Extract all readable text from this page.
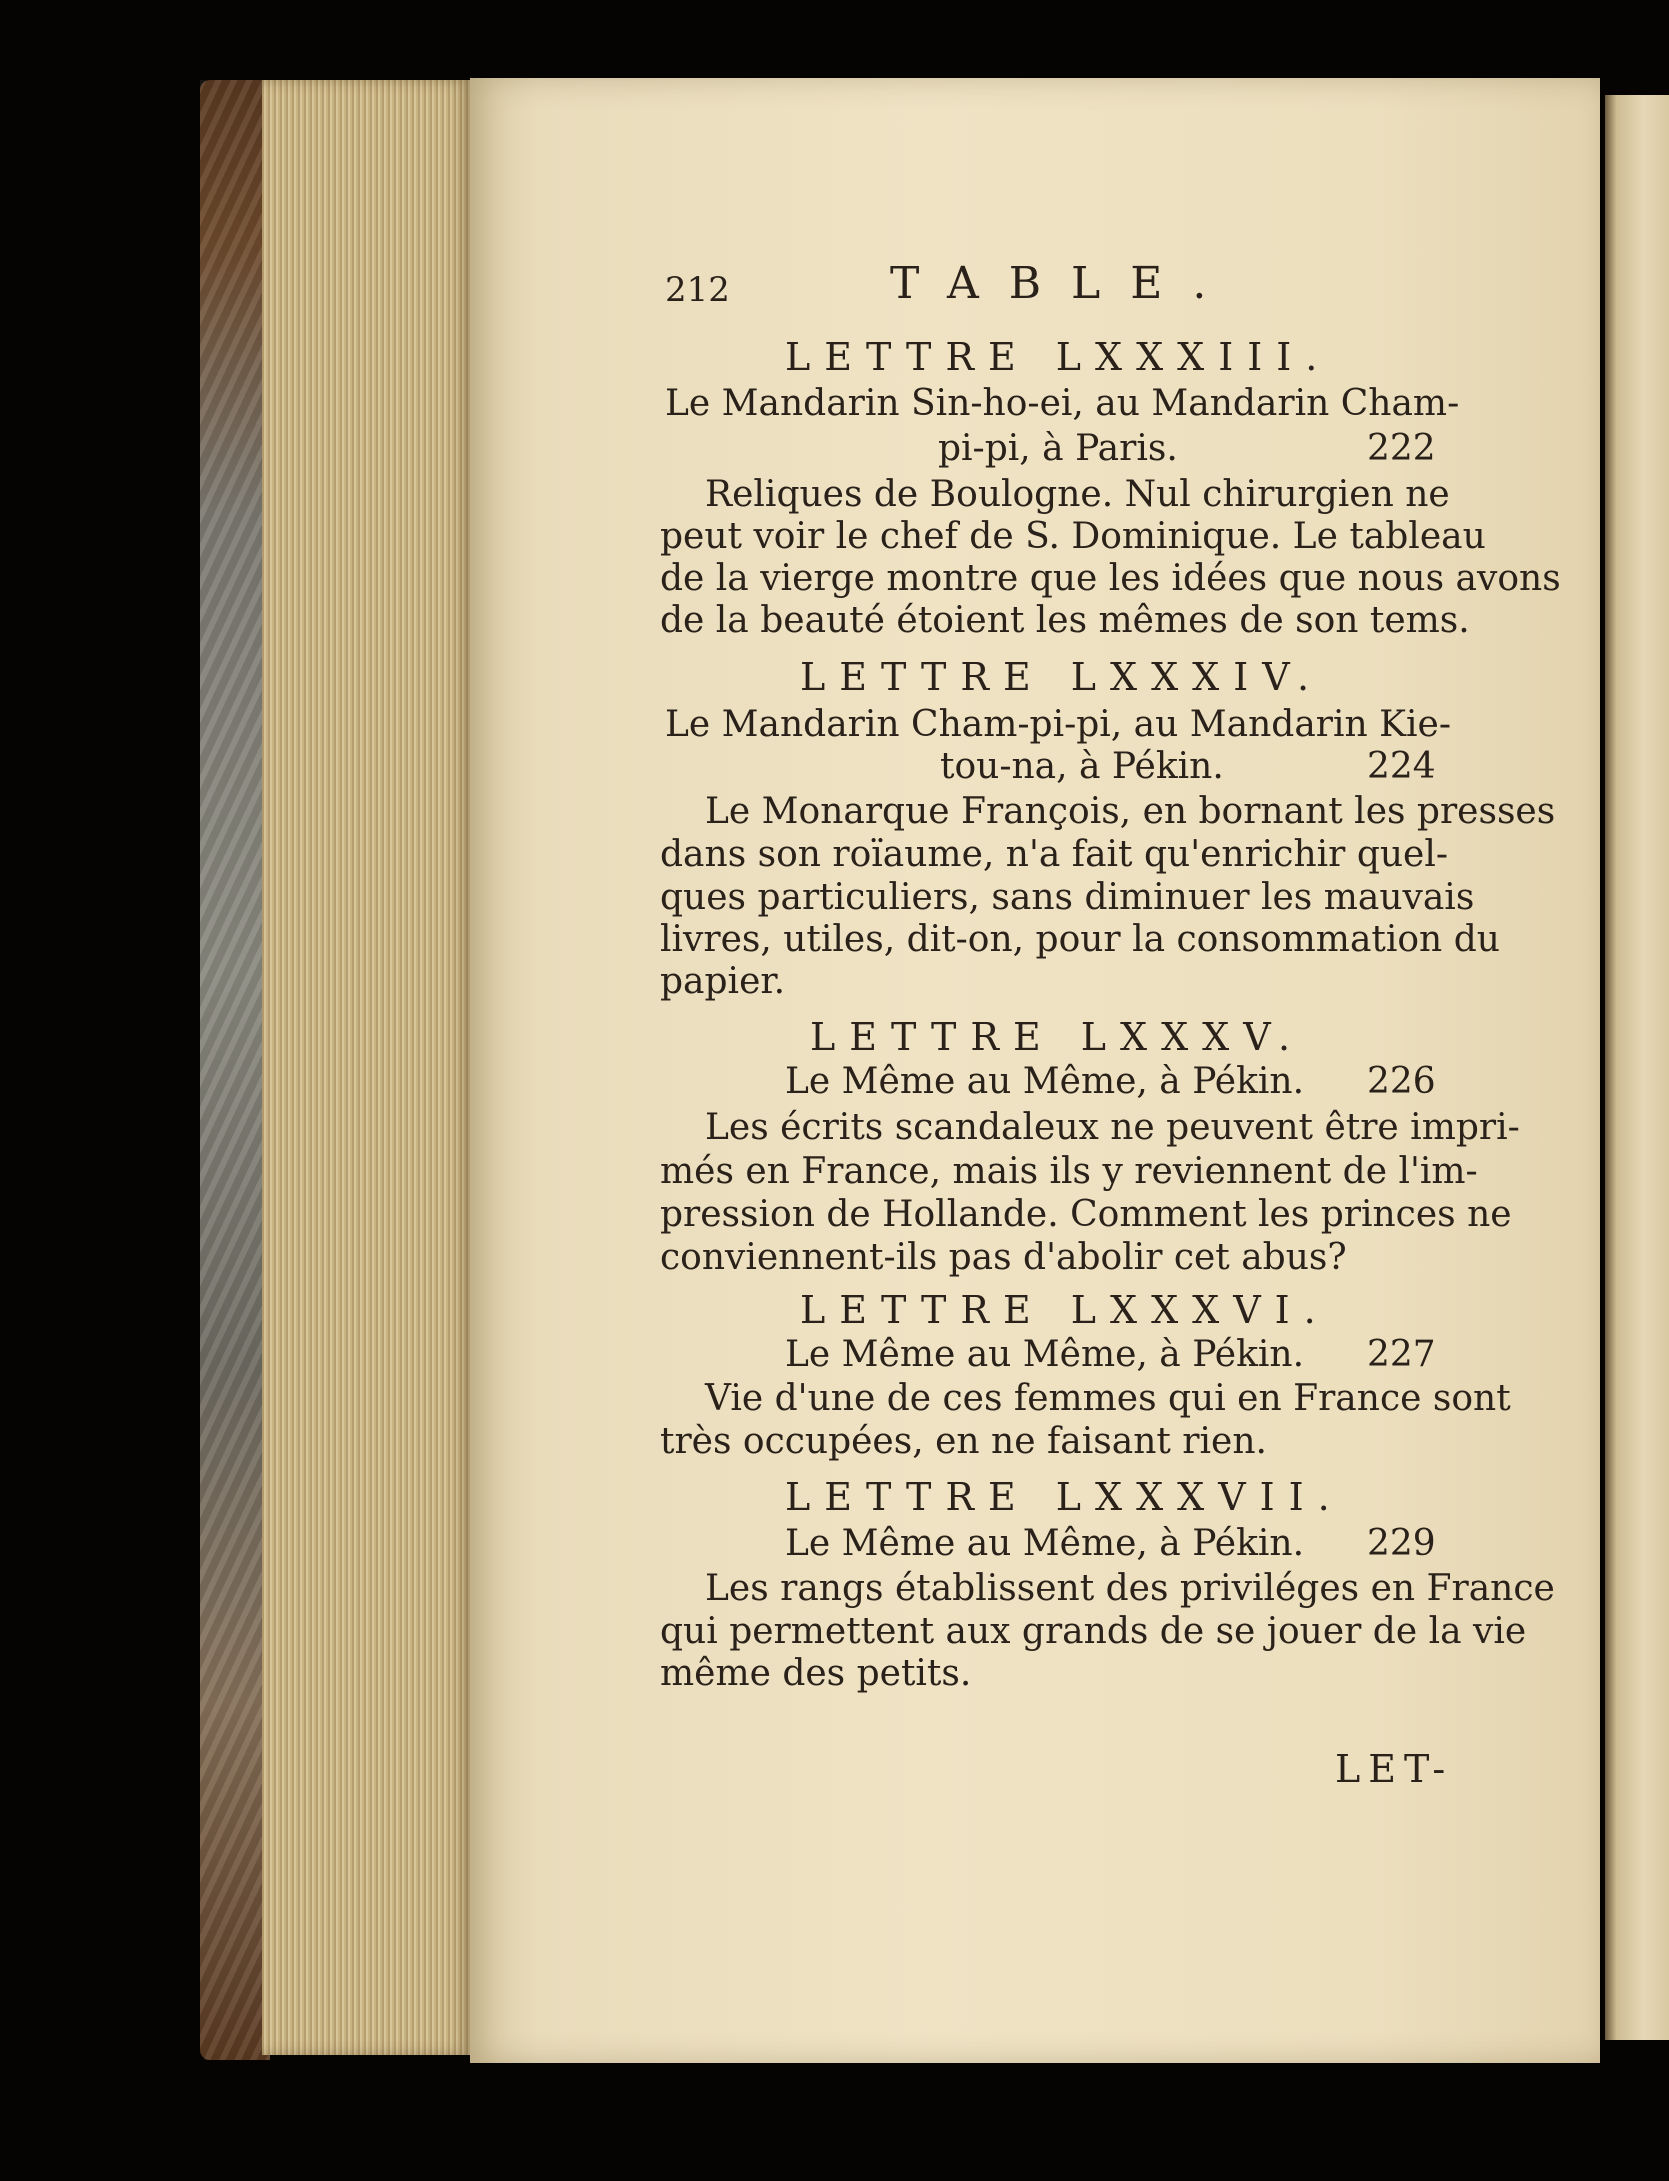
212	TABLE.

LETTRE LXXXIII.

Le Mandarin Sin-ho-ei, au Mandarin Cham-

pi-pi, à Paris.	222

Reliques de Boulogne. Nul chirurgien ne

peut voir le chef de S. Dominique. Le tableau

de la vierge montre que les idées que nous avons

de la beauté étoient les mêmes de son tems.

LETTRE LXXXIV.

Le Mandarin Cham-pi-pi, au Mandarin Kie-

tou-na, à Pékin.	224

Le Monarque François, en bornant les presses

dans son roïaume, n'a fait qu'enrichir quel-

ques particuliers, sans diminuer les mauvais

livres, utiles, dit-on, pour la consommation du

papier.

LETTRE LXXXV.

Le Même au Même, à Pékin. 226

Les écrits scandaleux ne peuvent être impri-

més en France, mais ils y reviennent de l'im-

pression de Hollande. Comment les princes ne

conviennent-ils pas d'abolir cet abus?

LETTRE LXXXVI.

Le Même au Même, à Pékin. 227

Vie d'une de ces femmes qui en France sont

très occupées, en ne faisant rien.

LETTRE LXXXVII.

Le Même au Même, à Pékin. 229

Les rangs établissent des priviléges en France

qui permettent aux grands de se jouer de la vie

même des petits.

LET-
